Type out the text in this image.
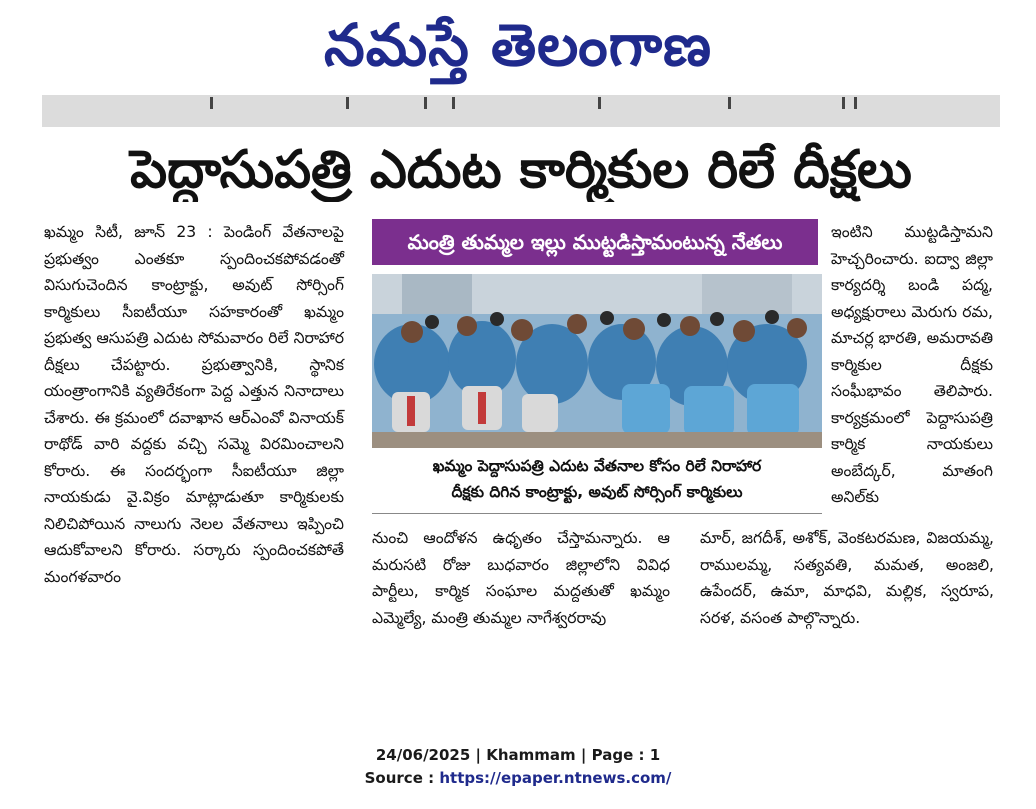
నమస్తే తెలంగాణ
పెద్దాసుపత్రి ఎదుట కార్మికుల రిలే దీక్షలు

ఖమ్మం సిటీ, జూన్ 23 : పెండింగ్ వేతనాలపై ప్రభుత్వం ఎంతకూ స్పందించకపోవడంతో విసుగుచెందిన కాంట్రాక్టు, అవుట్ సోర్సింగ్ కార్మికులు సీఐటీయూ సహకారంతో ఖమ్మం ప్రభుత్వ ఆసుపత్రి ఎదుట సోమవారం రిలే నిరాహార దీక్షలు చేపట్టారు. ప్రభుత్వానికి, స్థానిక యంత్రాంగానికి వ్యతిరేకంగా పెద్ద ఎత్తున నినాదాలు చేశారు. ఈ క్రమంలో దవాఖాన ఆర్ఎంవో వినాయక్ రాథోడ్ వారి వద్దకు వచ్చి సమ్మె విరమించాలని కోరారు. ఈ సందర్భంగా సీఐటీయూ జిల్లా నాయకుడు వై.విక్రం మాట్లాడుతూ కార్మికులకు నిలిచిపోయిన నాలుగు నెలల వేతనాలు ఇప్పించి ఆదుకోవాలని కోరారు. సర్కారు స్పందించకపోతే మంగళవారం

మంత్రి తుమ్మల ఇల్లు ముట్టడిస్తామంటున్న నేతలు
ఖమ్మం పెద్దాసుపత్రి ఎదుట వేతనాల కోసం రిలే నిరాహార
దీక్షకు దిగిన కాంట్రాక్టు, అవుట్ సోర్సింగ్ కార్మికులు

ఇంటిని ముట్టడిస్తామని హెచ్చరించారు. ఐద్వా జిల్లా కార్యదర్శి బండి పద్మ, అధ్యక్షురాలు మెరుగు రమ, మాచర్ల భారతి, అమరావతి కార్మికుల దీక్షకు సంఘీభావం తెలిపారు. కార్యక్రమంలో పెద్దాసుపత్రి కార్మిక నాయకులు అంబేద్కర్, మాతంగి అనిల్‌కు

నుంచి ఆందోళన ఉధృతం చేస్తామన్నారు. ఆ మరుసటి రోజు బుధవారం జిల్లాలోని వివిధ పార్టీలు, కార్మిక సంఘాల మద్దతుతో ఖమ్మం ఎమ్మెల్యే, మంత్రి తుమ్మల నాగేశ్వరరావు

మార్, జగదీశ్, అశోక్, వెంకటరమణ, విజయమ్మ, రాములమ్మ, సత్యవతి, మమత, అంజలి, ఉపేందర్, ఉమా, మాధవి, మల్లిక, స్వరూప, సరళ, వసంత పాల్గొన్నారు.

24/06/2025 | Khammam | Page : 1
Source : https://epaper.ntnews.com/
